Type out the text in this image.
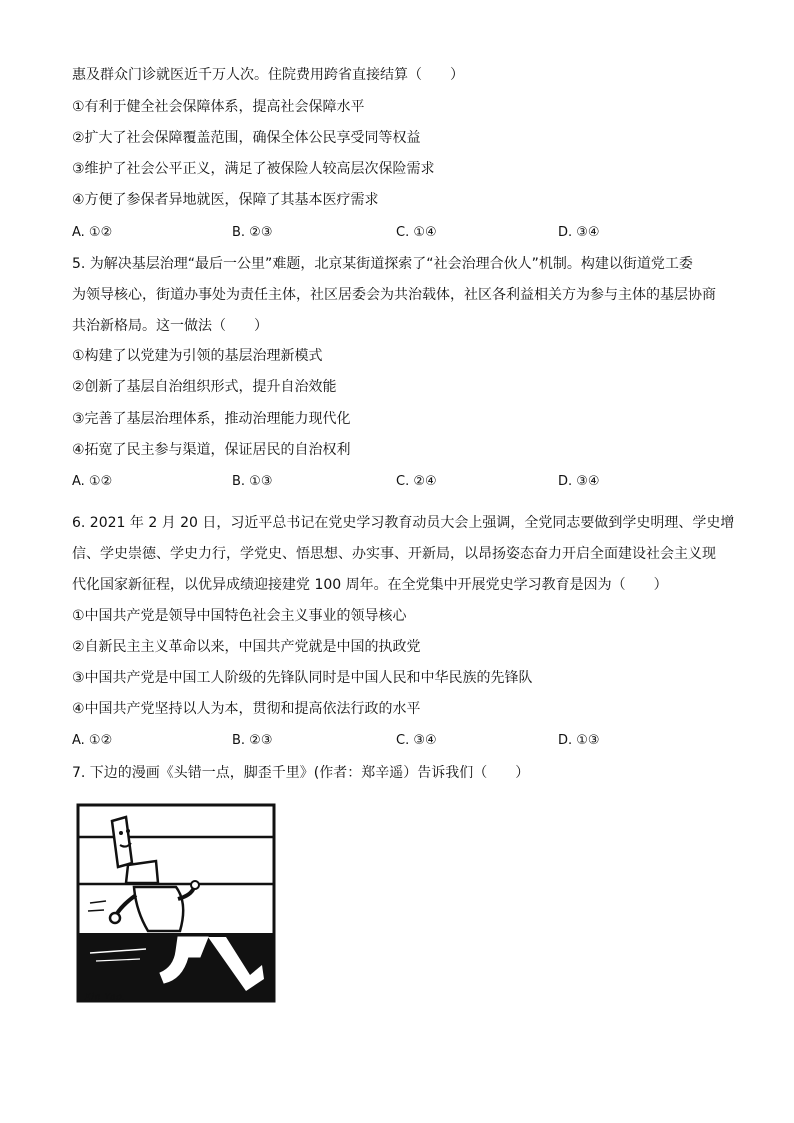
惠及群众门诊就医近千万人次。住院费用跨省直接结算（　　）
①有利于健全社会保障体系，提高社会保障水平
②扩大了社会保障覆盖范围，确保全体公民享受同等权益
③维护了社会公平正义，满足了被保险人较高层次保险需求
④方便了参保者异地就医，保障了其基本医疗需求
A. ①②	B. ②③	C. ①④	D. ③④
5. 为解决基层治理“最后一公里”难题，北京某街道探索了“社会治理合伙人”机制。构建以街道党工委
为领导核心，街道办事处为责任主体，社区居委会为共治载体，社区各利益相关方为参与主体的基层协商
共治新格局。这一做法（　　）
①构建了以党建为引领的基层治理新模式
②创新了基层自治组织形式，提升自治效能
③完善了基层治理体系，推动治理能力现代化
④拓宽了民主参与渠道，保证居民的自治权利
A. ①②	B. ①③	C. ②④	D. ③④
6. 2021 年 2 月 20 日，习近平总书记在党史学习教育动员大会上强调，全党同志要做到学史明理、学史增
信、学史崇德、学史力行，学党史、悟思想、办实事、开新局，以昂扬姿态奋力开启全面建设社会主义现
代化国家新征程，以优异成绩迎接建党 100 周年。在全党集中开展党史学习教育是因为（　　）
①中国共产党是领导中国特色社会主义事业的领导核心
②自新民主主义革命以来，中国共产党就是中国的执政党
③中国共产党是中国工人阶级的先锋队同时是中国人民和中华民族的先锋队
④中国共产党坚持以人为本，贯彻和提高依法行政的水平
A. ①②	B. ②③	C. ③④	D. ①③
7. 下边的漫画《头错一点，脚歪千里》(作者：郑辛遥）告诉我们（　　）
Xin Yao.
